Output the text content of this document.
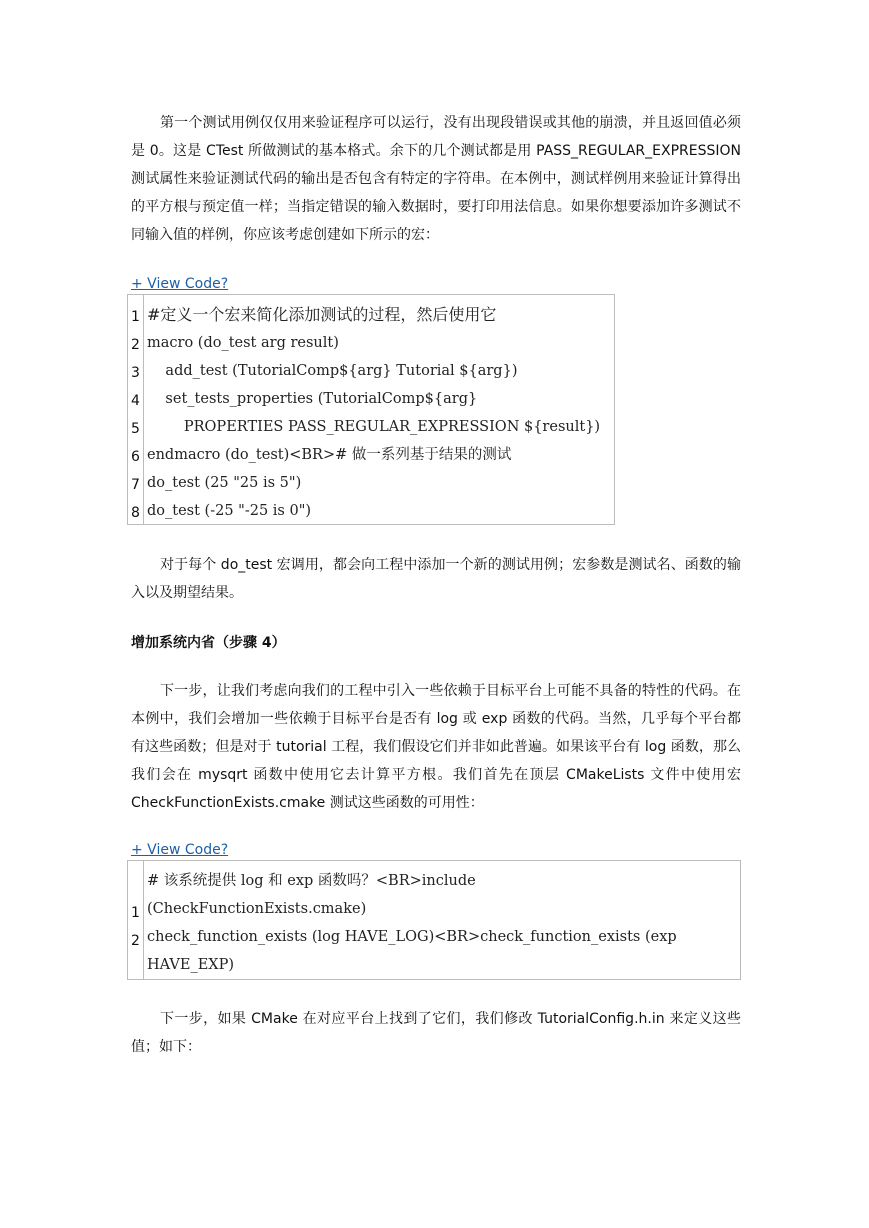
第一个测试用例仅仅用来验证程序可以运行，没有出现段错误或其他的崩溃，并且返回值必须是 0。这是 CTest 所做测试的基本格式。余下的几个测试都是用 PASS_REGULAR_EXPRESSION 测试属性来验证测试代码的输出是否包含有特定的字符串。在本例中，测试样例用来验证计算得出的平方根与预定值一样；当指定错误的输入数据时，要打印用法信息。如果你想要添加许多测试不同输入值的样例，你应该考虑创建如下所示的宏：

+ View Code?
1
2
3
4
5
6
7
8
#定义一个宏来简化添加测试的过程，然后使用它
macro (do_test arg result)
add_test (TutorialComp${arg} Tutorial ${arg})
set_tests_properties (TutorialComp${arg}
PROPERTIES PASS_REGULAR_EXPRESSION ${result})
endmacro (do_test)<BR># 做一系列基于结果的测试
do_test (25 "25 is 5")
do_test (-25 "-25 is 0")

对于每个 do_test 宏调用，都会向工程中添加一个新的测试用例；宏参数是测试名、函数的输入以及期望结果。

增加系统内省（步骤 4）

下一步，让我们考虑向我们的工程中引入一些依赖于目标平台上可能不具备的特性的代码。在本例中，我们会增加一些依赖于目标平台是否有 log 或 exp 函数的代码。当然，几乎每个平台都有这些函数；但是对于 tutorial 工程，我们假设它们并非如此普遍。如果该平台有 log 函数，那么我们会在 mysqrt 函数中使用它去计算平方根。我们首先在顶层 CMakeLists 文件中使用宏 CheckFunctionExists.cmake 测试这些函数的可用性：

+ View Code?
1
2
# 该系统提供 log 和 exp 函数吗？<BR>include
(CheckFunctionExists.cmake)
check_function_exists (log HAVE_LOG)<BR>check_function_exists (exp
HAVE_EXP)

下一步，如果 CMake 在对应平台上找到了它们，我们修改 TutorialConfig.h.in 来定义这些值；如下：
